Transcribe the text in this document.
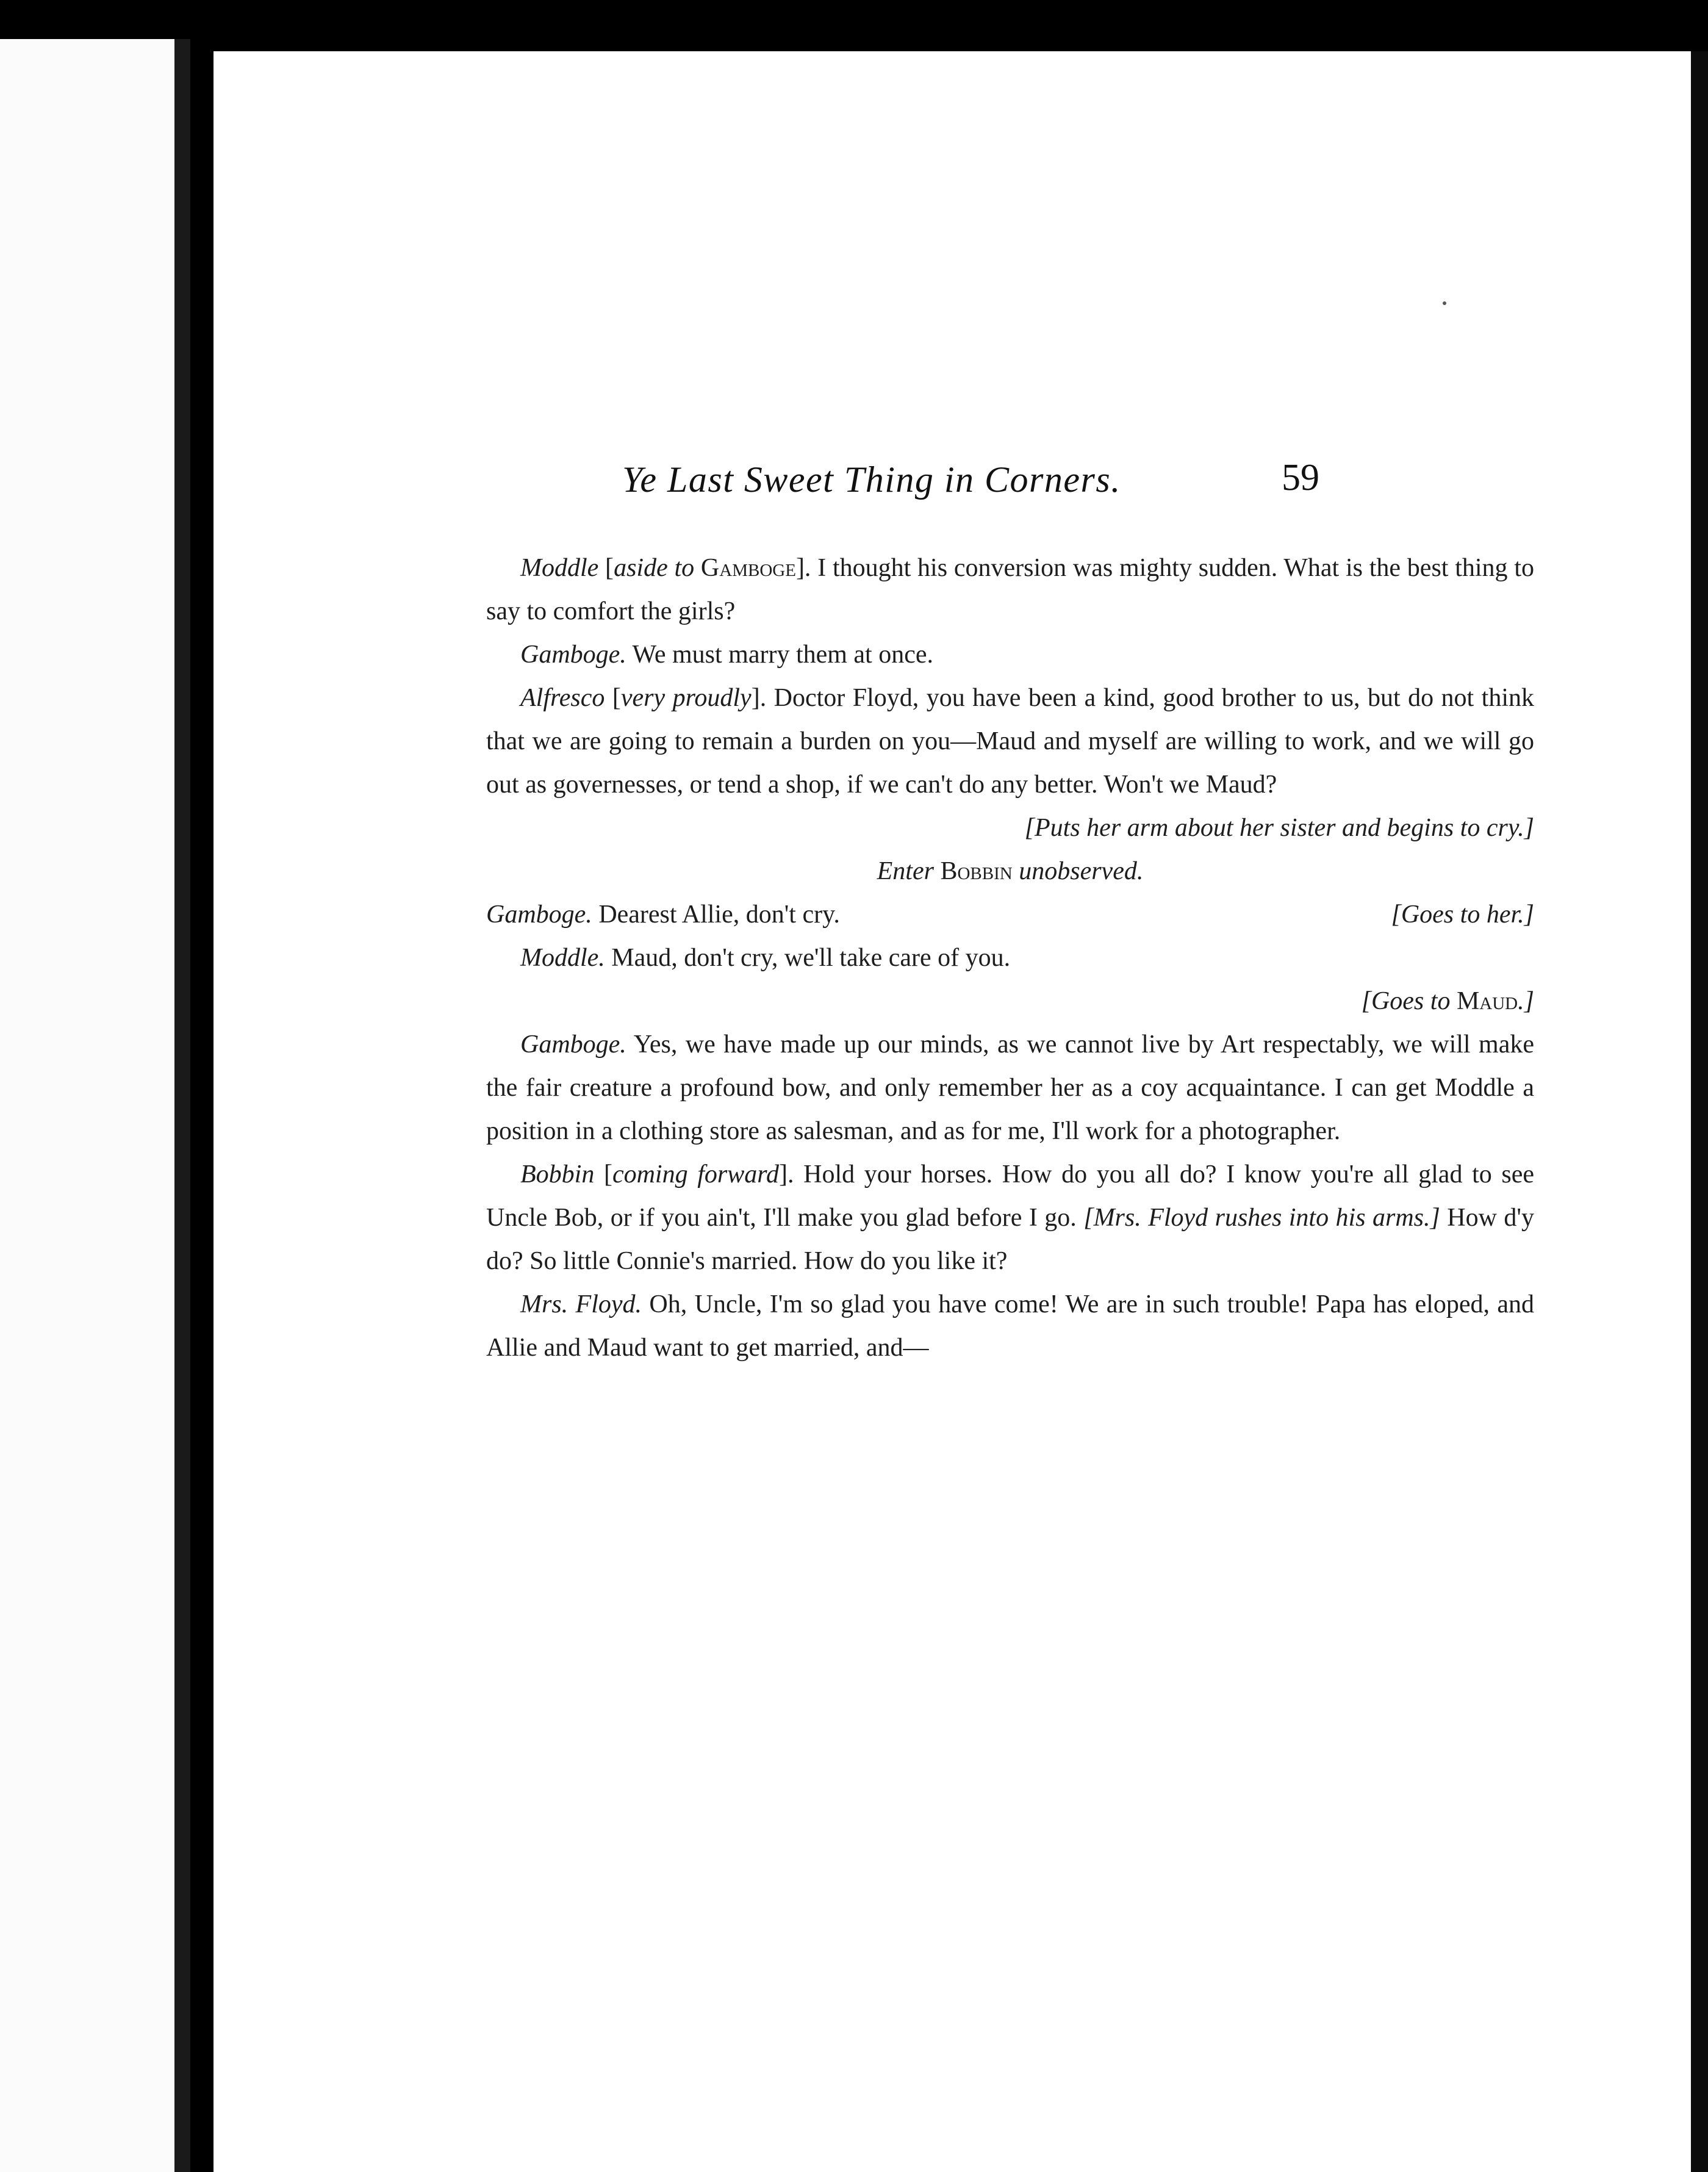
Ye Last Sweet Thing in Corners.	59

Moddle [aside to Gamboge]. I thought his conversion was mighty sudden. What is the best thing to say to comfort the girls?

Gamboge. We must marry them at once.

Alfresco [very proudly]. Doctor Floyd, you have been a kind, good brother to us, but do not think that we are going to remain a burden on you—Maud and myself are willing to work, and we will go out as governesses, or tend a shop, if we can't do any better. Won't we Maud?

[Puts her arm about her sister and begins to cry.]

Enter Bobbin unobserved.

Gamboge. Dearest Allie, don't cry.	[Goes to her.]

Moddle. Maud, don't cry, we'll take care of you.

[Goes to Maud.]

Gamboge. Yes, we have made up our minds, as we cannot live by Art respectably, we will make the fair creature a profound bow, and only remember her as a coy acquaintance. I can get Moddle a position in a clothing store as salesman, and as for me, I'll work for a photographer.

Bobbin [coming forward]. Hold your horses. How do you all do? I know you're all glad to see Uncle Bob, or if you ain't, I'll make you glad before I go. [Mrs. Floyd rushes into his arms.] How d'y do? So little Connie's married. How do you like it?

Mrs. Floyd. Oh, Uncle, I'm so glad you have come! We are in such trouble! Papa has eloped, and Allie and Maud want to get married, and—
